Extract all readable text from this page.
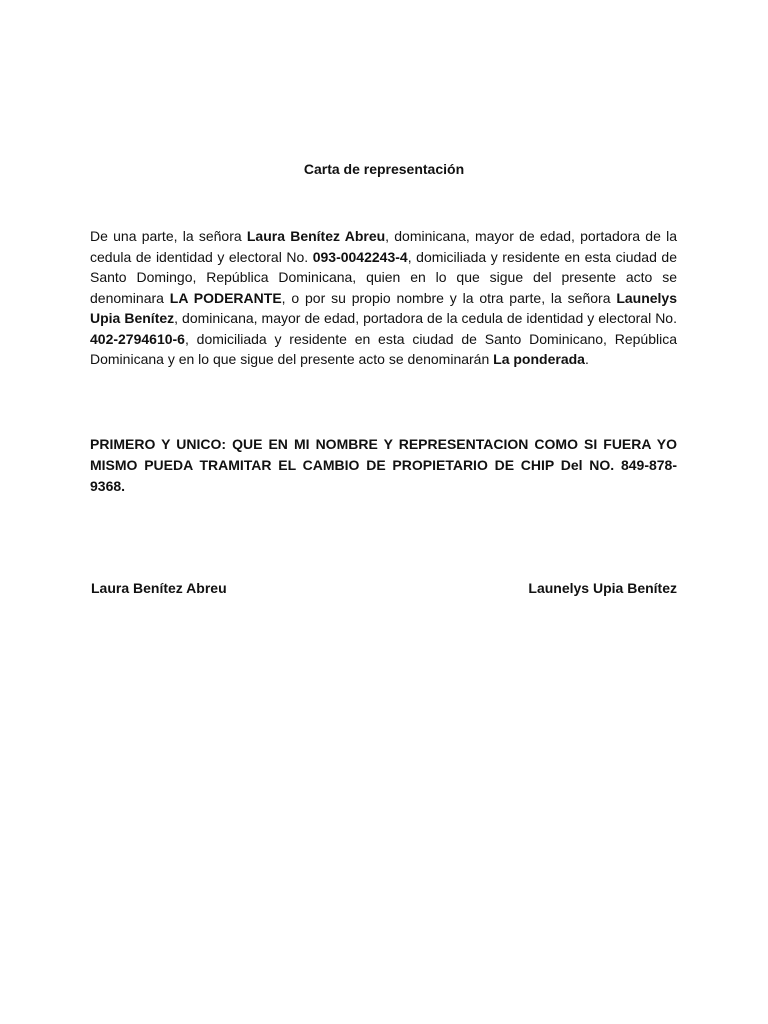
Carta de representación

De una parte, la señora Laura Benítez Abreu, dominicana, mayor de edad, portadora de la cedula de identidad y electoral No. 093-0042243-4, domiciliada y residente en esta ciudad de Santo Domingo, República Dominicana, quien en lo que sigue del presente acto se denominara LA PODERANTE, o por su propio nombre y la otra parte, la señora Launelys Upia Benítez, dominicana, mayor de edad, portadora de la cedula de identidad y electoral No. 402-2794610-6, domiciliada y residente en esta ciudad de Santo Dominicano, República Dominicana y en lo que sigue del presente acto se denominarán La ponderada.

PRIMERO Y UNICO: QUE EN MI NOMBRE Y REPRESENTACION COMO SI FUERA YO MISMO PUEDA TRAMITAR EL CAMBIO DE PROPIETARIO DE CHIP Del NO. 849-878-9368.

Laura Benítez Abreu	Launelys Upia Benítez
